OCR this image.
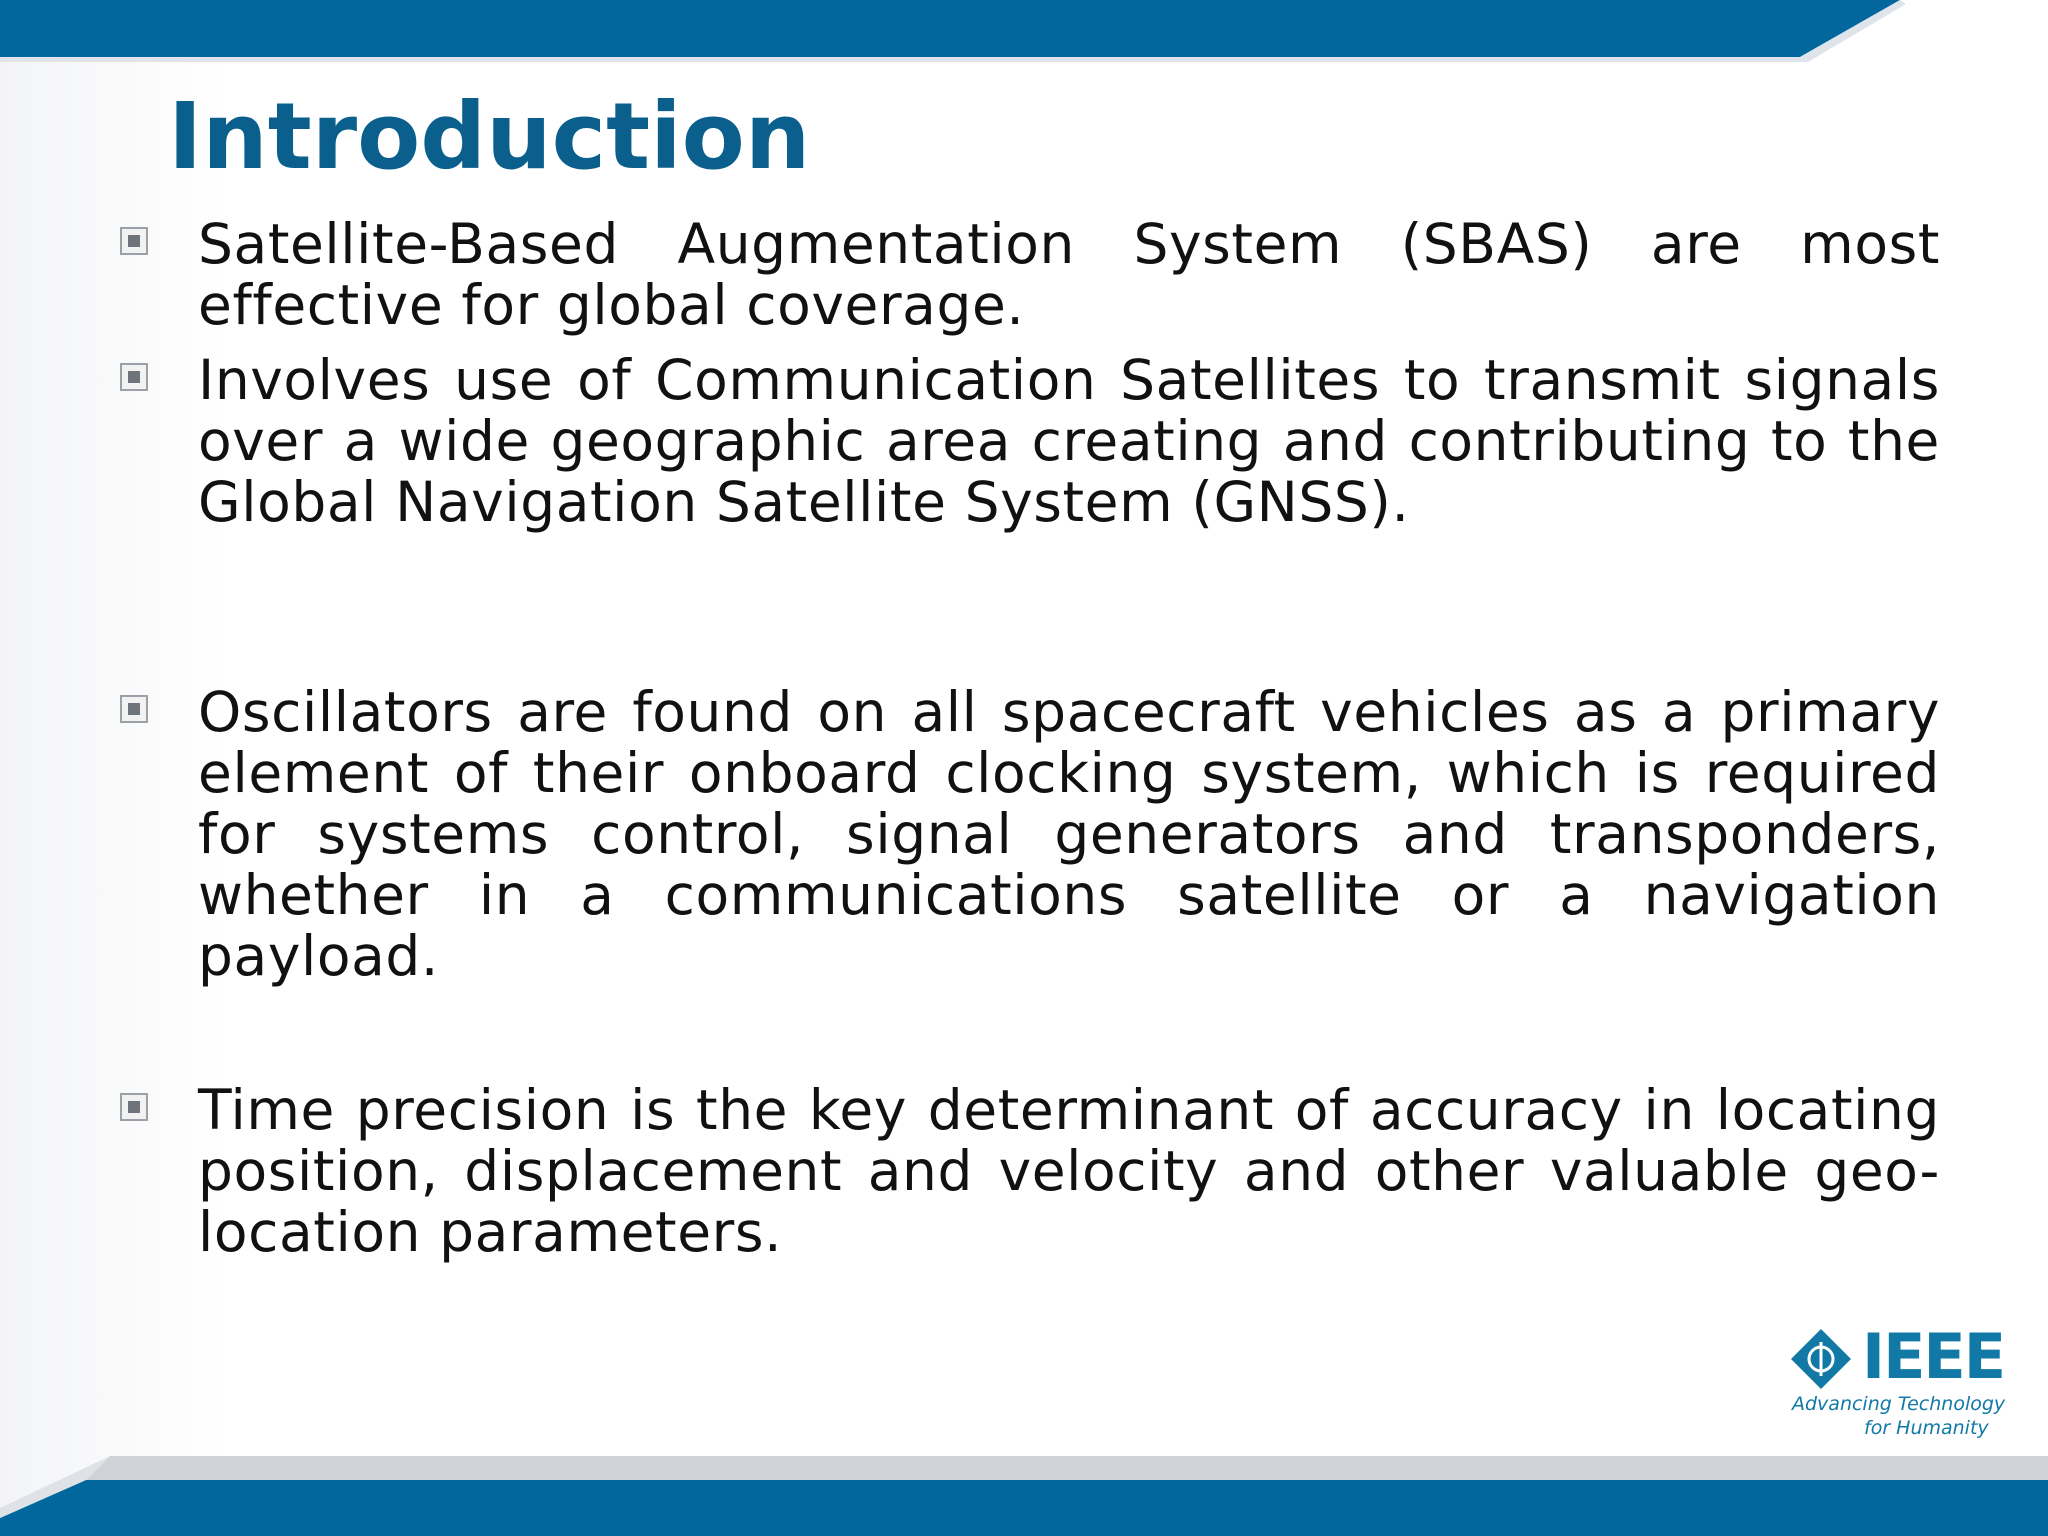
Introduction

Satellite-Based Augmentation System (SBAS) are most effective for global coverage.

Involves use of Communication Satellites to transmit signals over a wide geographic area creating and contributing to the Global Navigation Satellite System (GNSS).

Oscillators are found on all spacecraft vehicles as a primary element of their onboard clocking system, which is required for systems control, signal generators and transponders, whether in a communications satellite or a navigation payload.

Time precision is the key determinant of accuracy in locating position, displacement and velocity and other valuable geo-location parameters.

IEEE
Advancing Technology
for Humanity
